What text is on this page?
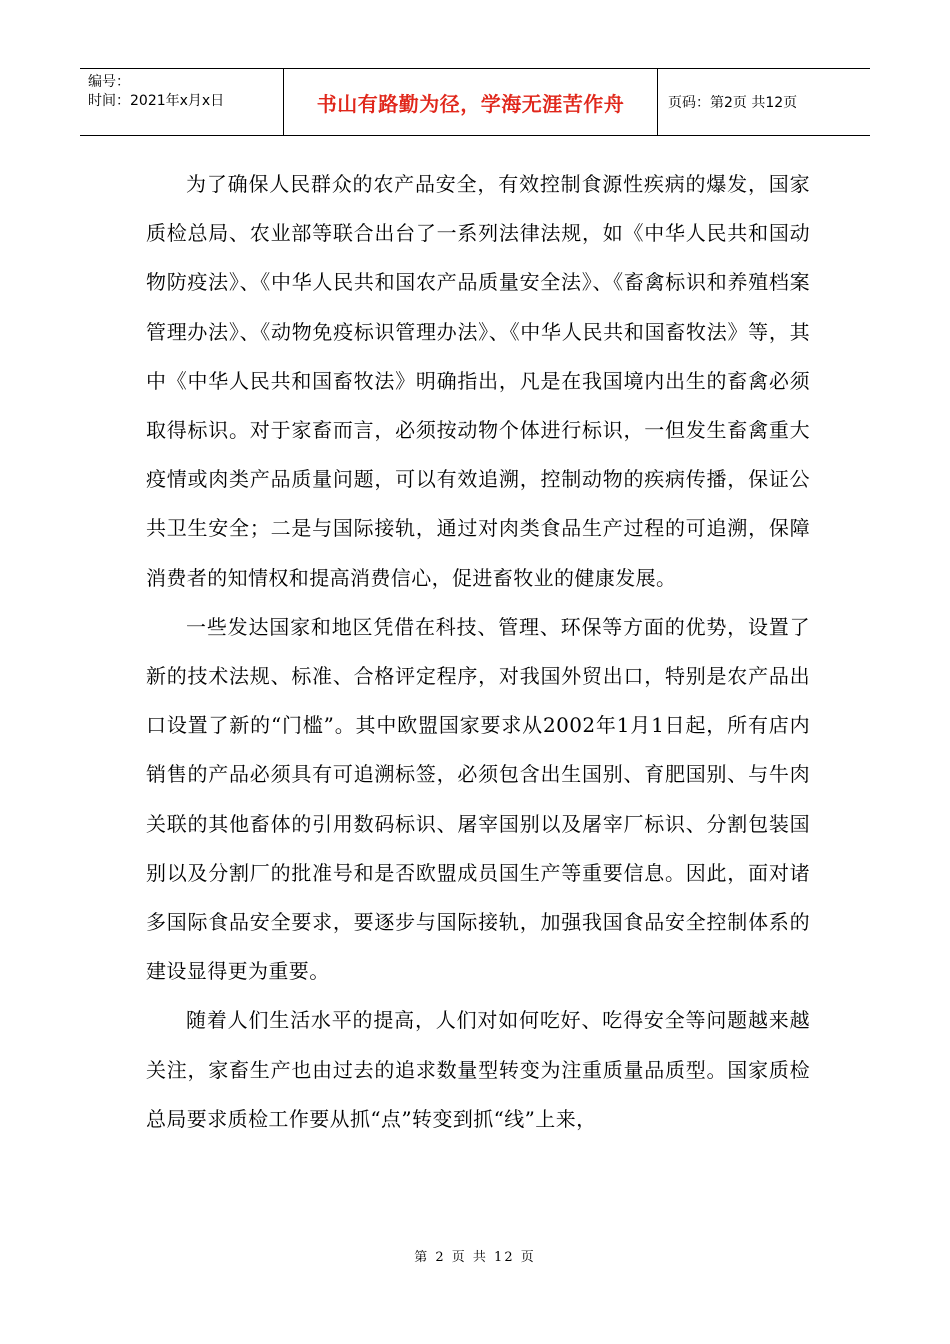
编号：
时间：2021年x月x日	书山有路勤为径，学海无涯苦作舟	页码：第2页 共12页

为了确保人民群众的农产品安全，有效控制食源性疾病的爆发，国家质检总局、农业部等联合出台了一系列法律法规，如《中华人民共和国动物防疫法》、《中华人民共和国农产品质量安全法》、《畜禽标识和养殖档案管理办法》、《动物免疫标识管理办法》、《中华人民共和国畜牧法》等，其中《中华人民共和国畜牧法》明确指出，凡是在我国境内出生的畜禽必须取得标识。对于家畜而言，必须按动物个体进行标识，一但发生畜禽重大疫情或肉类产品质量问题，可以有效追溯，控制动物的疾病传播，保证公共卫生安全；二是与国际接轨，通过对肉类食品生产过程的可追溯，保障消费者的知情权和提高消费信心，促进畜牧业的健康发展。

一些发达国家和地区凭借在科技、管理、环保等方面的优势，设置了新的技术法规、标准、合格评定程序，对我国外贸出口，特别是农产品出口设置了新的“门槛”。其中欧盟国家要求从2002年1月1日起，所有店内销售的产品必须具有可追溯标签，必须包含出生国别、育肥国别、与牛肉关联的其他畜体的引用数码标识、屠宰国别以及屠宰厂标识、分割包装国别以及分割厂的批准号和是否欧盟成员国生产等重要信息。因此，面对诸多国际食品安全要求，要逐步与国际接轨，加强我国食品安全控制体系的建设显得更为重要。

随着人们生活水平的提高，人们对如何吃好、吃得安全等问题越来越关注，家畜生产也由过去的追求数量型转变为注重质量品质型。国家质检总局要求质检工作要从抓“点”转变到抓“线”上来，

第 2 页 共 12 页
